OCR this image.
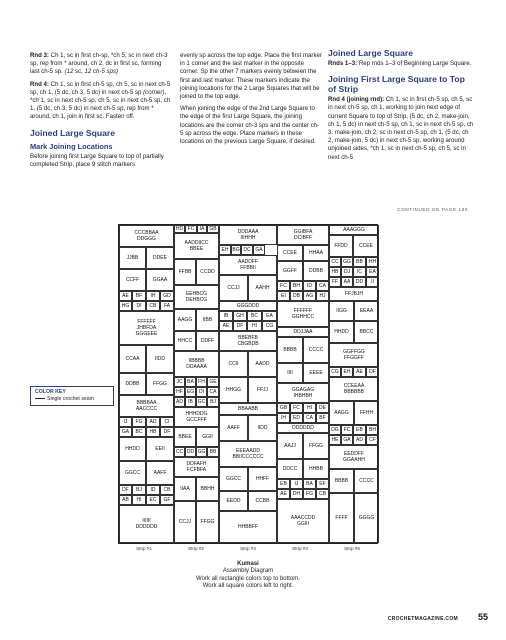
Rnd 3: Ch 1, sc in first ch-sp, *ch 5, sc in next ch-3 sp, rep from * around, ch 2, dc in first sc, forming last ch-5 sp. (12 sc, 12 ch-5 sps)

Rnd 4: Ch 1, sc in first ch-5 sp, ch 5, sc in next ch-5 sp, ch 1, (5 dc, ch 3, 5 dc) in next ch-5 sp (corner), *ch 1, sc in next ch-5 sp, ch 5, sc in next ch-5 sp, ch 1, (5 dc, ch 3, 5 dc) in next ch-5 sp, rep from * around, ch 1, join in first sc. Fasten off.

Joined Large Square
Mark Joining Locations

Before joining first Large Square to top of partially completed Strip, place 9 stitch markers

evenly sp across the top edge. Place the first marker in 1 corner and the last marker in the opposite corner. Sp the other 7 markers evenly between the first and last marker. These markers indicate the joining locations for the 2 Large Squares that will be joined to the top edge.

When joining the edge of the 2nd Large Square to the edge of the first Large Square, the joining locations are the corner ch-3 sps and the center ch-5 sp across the edge. Place markers in these locations on the previous Large Square, if desired.

Joined Large Square

Rnds 1–3: Rep rnds 1–3 of Beginning Large Square.

Joining First Large Square to Top of Strip

Rnd 4 (joining rnd): Ch 1, sc in first ch-5 sp, ch 5, sc in next ch-5 sp, ch 1, working to join next edge of current Square to top of Strip, (5 dc, ch 2, make-join, ch 1, 5 dc) in next ch-5 sp, ch 1, sc in next ch-5 sp, ch 3, make-join, ch 2, sc in next ch-5 sp, ch 1, (5 dc, ch 2, make-join, 5 dc) in next ch-5 sp, working around unjoined sides, *ch 1, sc in next ch-5 sp, ch 5, sc in next ch-5

CONTINUED ON PAGE 130
COLOR KEY
Single crochet seam
CCCBBAA
DDGGG
HD FC	IA	GB	DDDAAA
IIIHHH
GGIBFA
DCIBFF
AAAGGG
AADDIICC
BBEE	FFDD	CCEE
JJBB	DDEE
EH BG DC GA	CCEE	HHAA
CC GG	BB	HH
FFBB	CCDD
AADDFF
FFBBII	GGFF	DDBB	HB	DJ	IC	EA
CCFF	GGAA
CCJJ	AAHH
FF	AA	DD	II
FC	BH	ID	CA
EEHBCG
DEHBCG
FFJBJH
AE	BF	IH	GD	EI	DB	AG	HJ
HG	DI	CB	FA	GGGDDD
IIGG	EEAA
AAGG	IIBB
IB	GH	BC	EA
FFFFFF
GGHHCC
FFFFFF
JHBFDA
GGGEEE
AE	DF	HI	CG
HHDD	BBCC
DDJJAA
HHCC	DDFF	BBEBFB
CBGBDB
BBBB	CCCC	GGFFGG
FFGGFF
CCAA	IIDD	IIBBBB
DDAAAA	CCII	AADD
IIII	EEEE	CG EH	AE	DF
DDBB	FFGG	JC BA FH GE
HHGG	FFJJ
CCEEAA
BBBBBB
GGAGAG
IHBHBH
HF EG DI	CA
BBBBAA
AACCCC
AD	IB GC BJ
AAGG	FFHH
BBAABB	GB	FC	HI	DE
HHHDDG
GCCFFF	IH	ED	CA	BF
AAFF	IIDD
IJ	FG	AD	CI
DDDDDD
GA	BC	HB	DF
BBEE	GGII
DG FC	EB	BH
AAJJ	FFGG
HE GA	AD	CF
HHDD	EEII	EEEAADD
BBIICCCCCC
CC DD GG BB	EEDDFF
GGAAHH
DDFAFH
FCFBFA	DDCC	HHBB
GGCC	AAFF
GGCC	HHFF	BBBB	CCCC
IIAA	BBHH
EB	IJ	BA	EF
DF	BJ	ID	CB
AE	DH	FG	CB
EEDD	CCBB
AB	HI	EC	GF
FFFF	GGGG
AAACCDD
GGIII
CCJJ	FFGG
IIIIII
DDDDDD	HHBBFF
Strip #1	Strip #2	Strip #3	Strip #4	Strip #5
Kumasi
Assembly Diagram
Work all rectangle colors top to bottom.
Work all square colors left to right.
CROCHETMAGAZINE.COM 55
